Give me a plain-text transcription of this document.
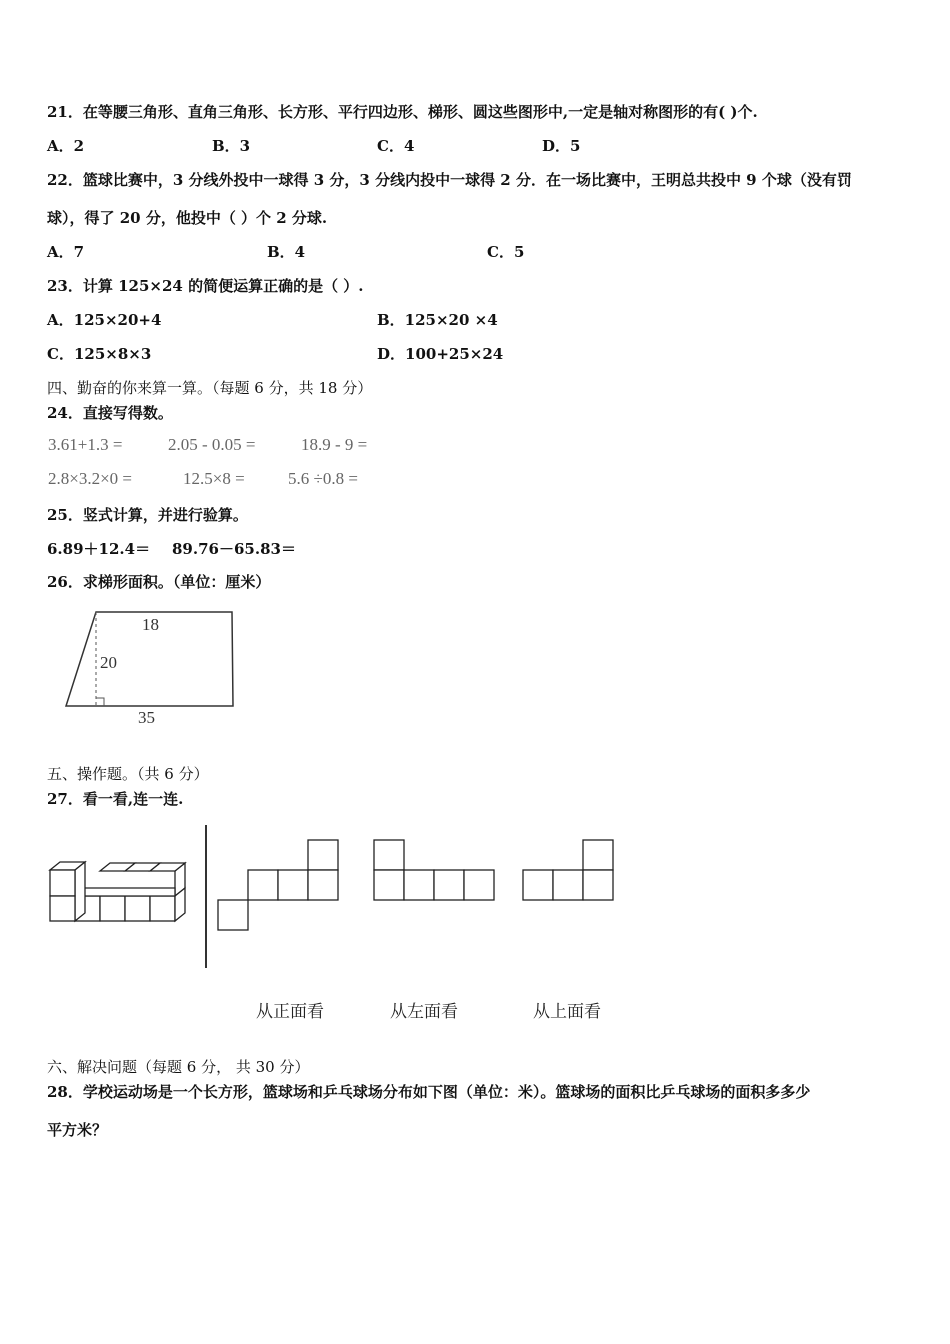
21．在等腰三角形、直角三角形、长方形、平行四边形、梯形、圆这些图形中,一定是轴对称图形的有( )个.
A．2	B．3	C．4	D．5
22．篮球比赛中，3 分线外投中一球得 3 分，3 分线内投中一球得 2 分．在一场比赛中，王明总共投中 9 个球（没有罚
球），得了 20 分，他投中（ ）个 2 分球.
A．7	B．4	C．5
23．计算 125×24 的简便运算正确的是（ ）.
A．125×20+4	B．125×20 ×4
C．125×8×3	D．100+25×24
四、勤奋的你来算一算。（每题 6 分，共 18 分）
24．直接写得数。
3.61+1.3 =	2.05 - 0.05 =	18.9 - 9 =
2.8×3.2×0 =	12.5×8 =	5.6 ÷0.8 =
25．竖式计算，并进行验算。
6.89＋12.4＝ 89.76－65.83＝
26．求梯形面积。（单位：厘米）
18
20
35
五、操作题。（共 6 分）
27．看一看,连一连.
从正面看	从左面看	从上面看
六、解决问题（每题 6 分， 共 30 分）
28．学校运动场是一个长方形，篮球场和乒乓球场分布如下图（单位：米）。篮球场的面积比乒乓球场的面积多多少
平方米？
